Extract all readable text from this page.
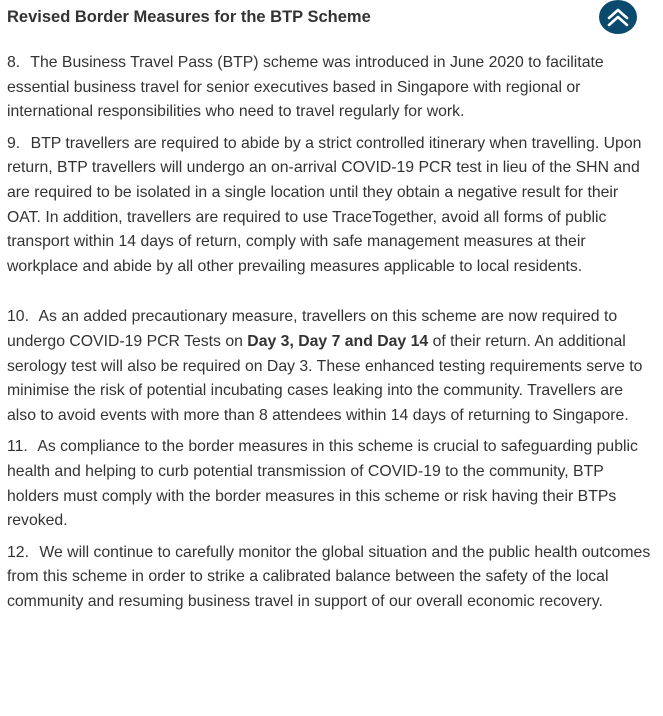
Revised Border Measures for the BTP Scheme

8. The Business Travel Pass (BTP) scheme was introduced in June 2020 to facilitate essential business travel for senior executives based in Singapore with regional or international responsibilities who need to travel regularly for work.

9. BTP travellers are required to abide by a strict controlled itinerary when travelling. Upon return, BTP travellers will undergo an on-arrival COVID-19 PCR test in lieu of the SHN and are required to be isolated in a single location until they obtain a negative result for their OAT. In addition, travellers are required to use TraceTogether, avoid all forms of public transport within 14 days of return, comply with safe management measures at their workplace and abide by all other prevailing measures applicable to local residents.

10. As an added precautionary measure, travellers on this scheme are now required to undergo COVID-19 PCR Tests on Day 3, Day 7 and Day 14 of their return. An additional serology test will also be required on Day 3. These enhanced testing requirements serve to minimise the risk of potential incubating cases leaking into the community. Travellers are also to avoid events with more than 8 attendees within 14 days of returning to Singapore.

11. As compliance to the border measures in this scheme is crucial to safeguarding public health and helping to curb potential transmission of COVID-19 to the community, BTP holders must comply with the border measures in this scheme or risk having their BTPs revoked.

12. We will continue to carefully monitor the global situation and the public health outcomes from this scheme in order to strike a calibrated balance between the safety of the local community and resuming business travel in support of our overall economic recovery.
